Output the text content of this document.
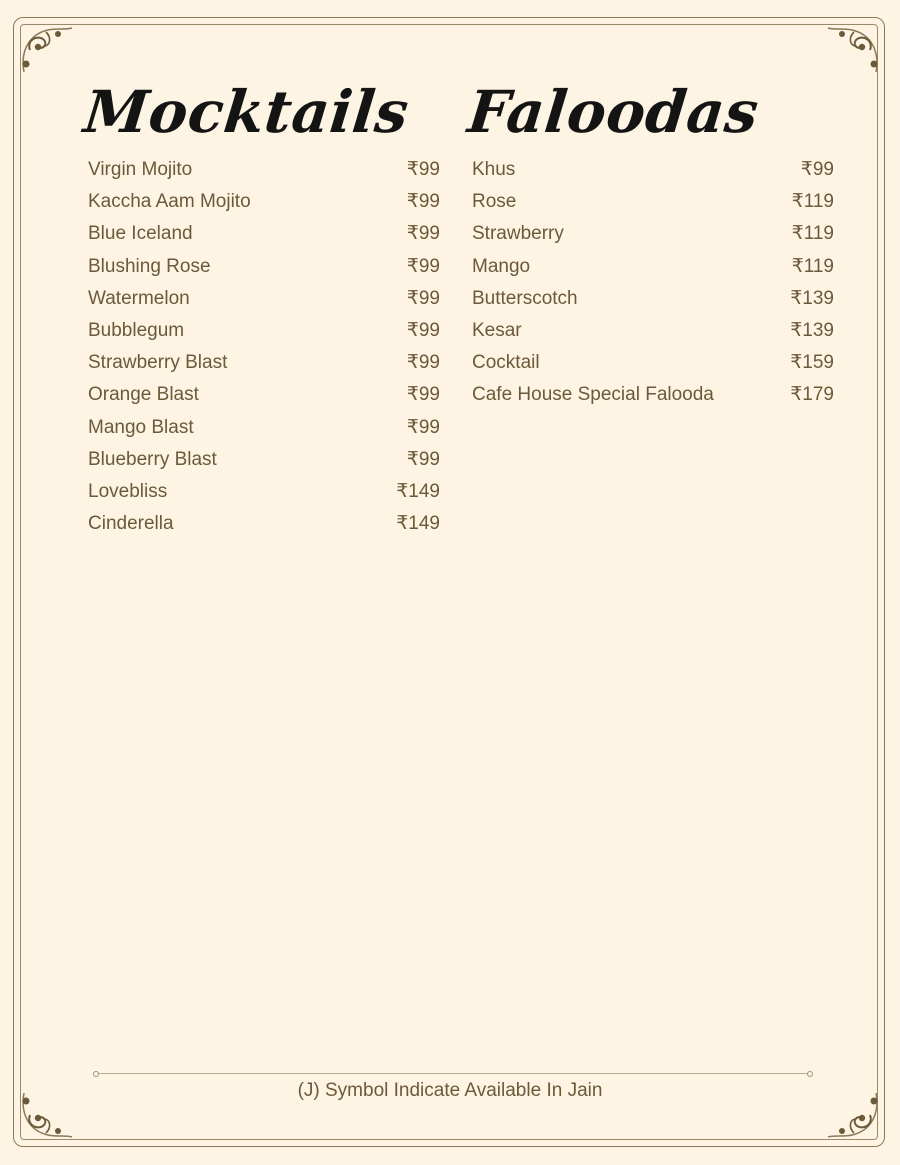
Mocktails
Virgin Mojito	₹99
Kaccha Aam Mojito	₹99
Blue Iceland	₹99
Blushing Rose	₹99
Watermelon	₹99
Bubblegum	₹99
Strawberry Blast	₹99
Orange Blast	₹99
Mango Blast	₹99
Blueberry Blast	₹99
Lovebliss	₹149
Cinderella	₹149
Faloodas
Khus	₹99
Rose	₹119
Strawberry	₹119
Mango	₹119
Butterscotch	₹139
Kesar	₹139
Cocktail	₹159
Cafe House Special Falooda	₹179
(J) Symbol Indicate Available In Jain
